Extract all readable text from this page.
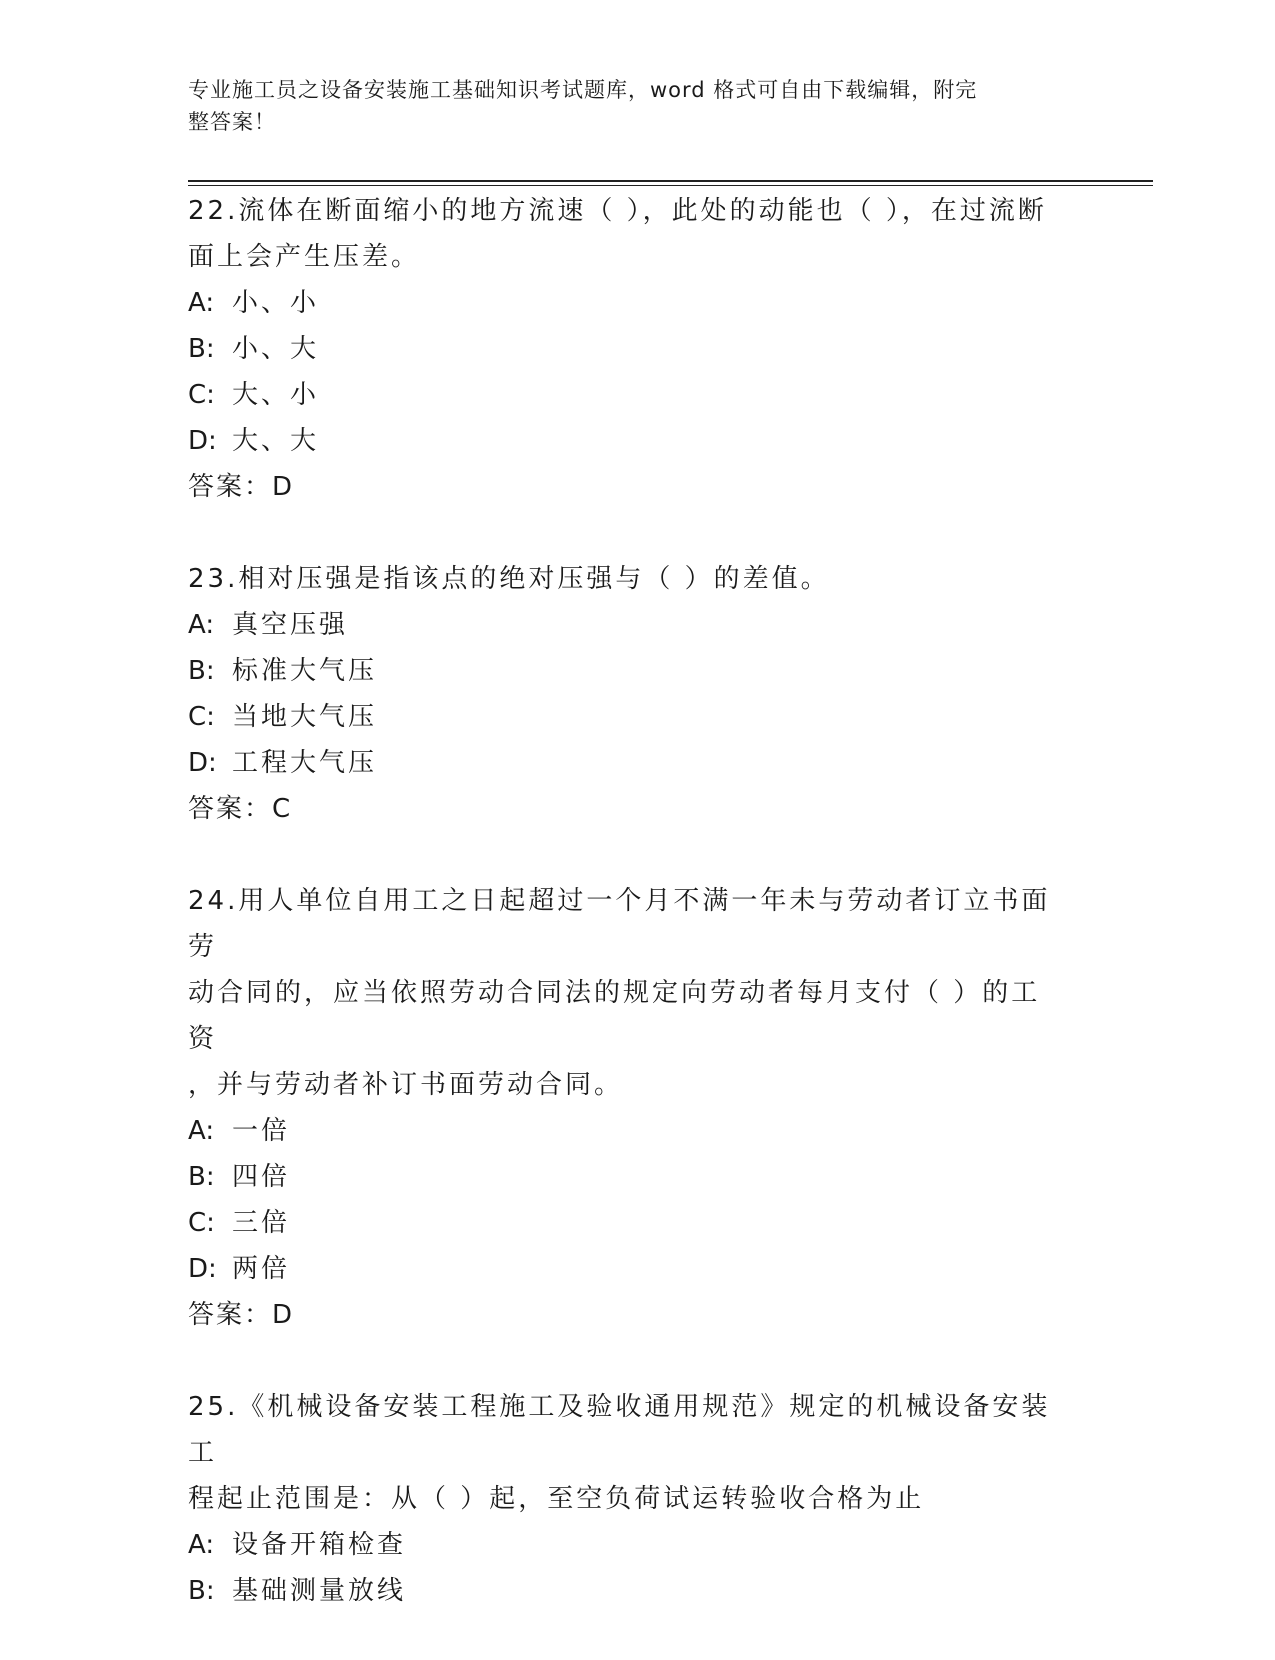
专业施工员之设备安装施工基础知识考试题库，word 格式可自由下载编辑，附完
整答案！
22.流体在断面缩小的地方流速（ ），此处的动能也（ ），在过流断
面上会产生压差。
A: 小、小
B: 小、大
C: 大、小
D: 大、大
答案：D
23.相对压强是指该点的绝对压强与（ ）的差值。
A: 真空压强
B: 标准大气压
C: 当地大气压
D: 工程大气压
答案：C
24.用人单位自用工之日起超过一个月不满一年未与劳动者订立书面劳
动合同的，应当依照劳动合同法的规定向劳动者每月支付（ ）的工资
，并与劳动者补订书面劳动合同。
A: 一倍
B: 四倍
C: 三倍
D: 两倍
答案：D
25.《机械设备安装工程施工及验收通用规范》规定的机械设备安装工
程起止范围是：从（ ）起，至空负荷试运转验收合格为止
A: 设备开箱检查
B: 基础测量放线
